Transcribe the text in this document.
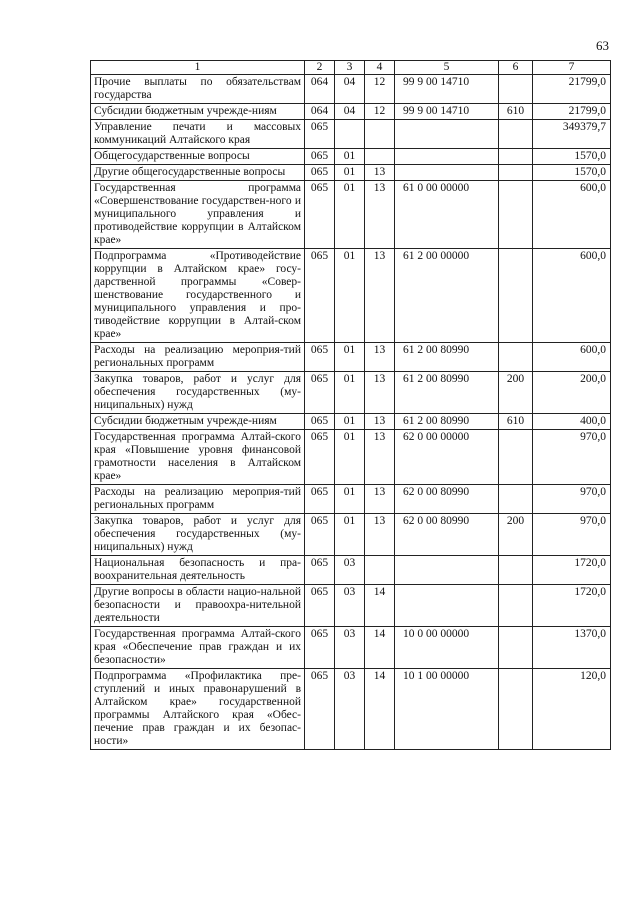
63
1	2	3	4	5	6	7
Прочие выплаты по обязательствам государства	064	04	12	99 9 00 14710		21799,0
Субсидии бюджетным учрежде-ниям	064	04	12	99 9 00 14710	610	21799,0
Управление печати и массовых коммуникаций Алтайского края	065					349379,7
Общегосударственные вопросы	065	01				1570,0
Другие общегосударственные вопросы	065	01	13			1570,0
Государственная программа «Совершенствование государствен-ного и муниципального управления и противодействие коррупции в Алтайском крае»	065	01	13	61 0 00 00000		600,0
Подпрограмма «Противодействие коррупции в Алтайском крае» госу-дарственной программы «Совер-шенствование государственного и муниципального управления и про-тиводействие коррупции в Алтай-ском крае»	065	01	13	61 2 00 00000		600,0
Расходы на реализацию мероприя-тий региональных программ	065	01	13	61 2 00 80990		600,0
Закупка товаров, работ и услуг для обеспечения государственных (му-ниципальных) нужд	065	01	13	61 2 00 80990	200	200,0
Субсидии бюджетным учрежде-ниям	065	01	13	61 2 00 80990	610	400,0
Государственная программа Алтай-ского края «Повышение уровня финансовой грамотности населения в Алтайском крае»	065	01	13	62 0 00 00000		970,0
Расходы на реализацию мероприя-тий региональных программ	065	01	13	62 0 00 80990		970,0
Закупка товаров, работ и услуг для обеспечения государственных (му-ниципальных) нужд	065	01	13	62 0 00 80990	200	970,0
Национальная безопасность и пра-воохранительная деятельность	065	03				1720,0
Другие вопросы в области нацио-нальной безопасности и правоохра-нительной деятельности	065	03	14			1720,0
Государственная программа Алтай-ского края «Обеспечение прав граждан и их безопасности»	065	03	14	10 0 00 00000		1370,0
Подпрограмма «Профилактика пре-ступлений и иных правонарушений в Алтайском крае» государственной программы Алтайского края «Обес-печение прав граждан и их безопас-ности»	065	03	14	10 1 00 00000		120,0
